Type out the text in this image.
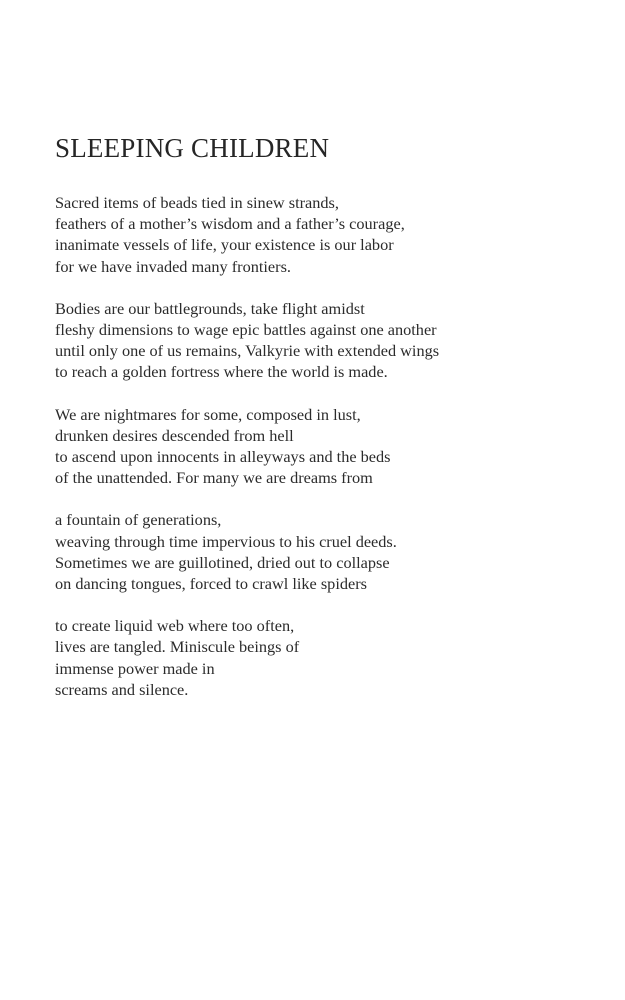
SLEEPING CHILDREN
Sacred items of beads tied in sinew strands,
feathers of a mother’s wisdom and a father’s courage,
inanimate vessels of life, your existence is our labor
for we have invaded many frontiers.
Bodies are our battlegrounds, take flight amidst
fleshy dimensions to wage epic battles against one another
until only one of us remains, Valkyrie with extended wings
to reach a golden fortress where the world is made.
We are nightmares for some, composed in lust,
drunken desires descended from hell
to ascend upon innocents in alleyways and the beds
of the unattended. For many we are dreams from
a fountain of generations,
weaving through time impervious to his cruel deeds.
Sometimes we are guillotined, dried out to collapse
on dancing tongues, forced to crawl like spiders
to create liquid web where too often,
lives are tangled. Miniscule beings of
immense power made in
screams and silence.
